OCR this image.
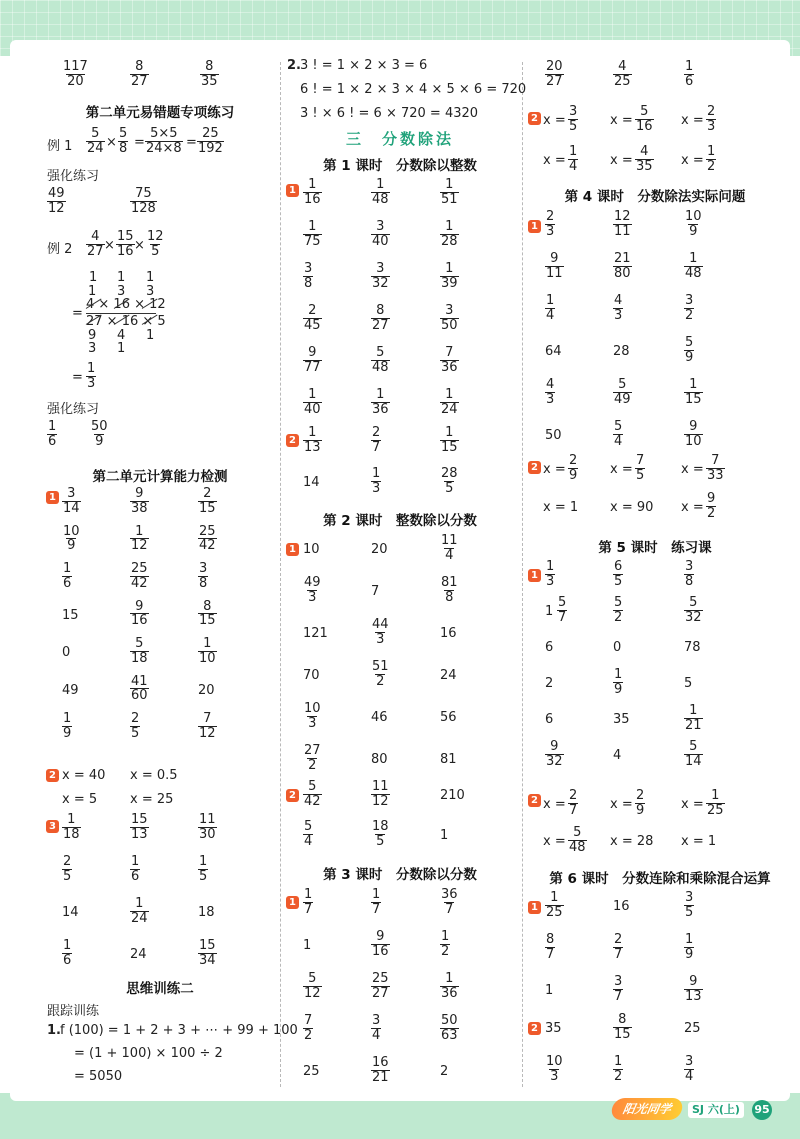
第二单元易错题专项练习
例 1
强化练习
例 2
强化练习
第二单元计算能力检测
思维训练二
跟踪训练
1. f (100) = 1 + 2 + 3 + ⋯ + 99 + 100
= (1 + 100) × 100 ÷ 2
= 5050
2. 3 ! = 1 × 2 × 3 = 6
6 ! = 1 × 2 × 3 × 4 × 5 × 6 = 720
3 ! × 6 ! = 6 × 720 = 4320
三　分数除法
第 1 课时　分数除以整数
第 2 课时　整数除以分数
第 3 课时　分数除以分数
第 4 课时　分数除法实际问题
第 5 课时　练习课
第 6 课时　分数连除和乘除混合运算
阳光同学	SJ 六(上)	95
$\frac{117}{20}$	$\frac{8}{27}$	$\frac{8}{35}$
$\frac{5}{24} \times \frac{5}{8} = \frac{5\times 5}{24\times 8} = \frac{25}{192}$
$\frac{49}{12}$	$\frac{75}{128}$
$\frac{4}{27} \times \frac{15}{16} \times \frac{12}{5}$
1 1
1
1 3 3
=
4 × 16 × 12
27 × 16 × 5
9 4 1
3 1
= $\frac{1}{3}$
$\frac{1}{6}$	$\frac{50}{9}$
$1 \frac{3}{14}$	$\frac{9}{38}$	$\frac{2}{15}$
$\frac{10}{9}$	$\frac{1}{12}$	$\frac{25}{42}$
$\frac{1}{6}$	$\frac{25}{42}$	$\frac{3}{8}$
15	$\frac{9}{16}$	$\frac{8}{15}$
0	$\frac{5}{18}$	$\frac{1}{10}$
49	$\frac{41}{60}$	20
$\frac{1}{9}$	$\frac{2}{5}$	$\frac{7}{12}$
2 x = 40 x = 0.5
x = 5	x = 25
$3 \frac{1}{18}$	$\frac{15}{13}$	$\frac{11}{30}$
$\frac{2}{5}$	$\frac{1}{6}$	$\frac{1}{5}$
14	$\frac{1}{24}$	18
$\frac{1}{6}$	24	$\frac{15}{34}$
$1 \frac{1}{16}$	$\frac{1}{48}$	$\frac{1}{51}$
$\frac{1}{75}$	$\frac{3}{40}$	$\frac{1}{28}$
$\frac{3}{8}$	$\frac{3}{32}$	$\frac{1}{39}$
$\frac{2}{45}$	$\frac{8}{27}$	$\frac{3}{50}$
$\frac{9}{77}$	$\frac{5}{48}$	$\frac{7}{36}$
$\frac{1}{40}$	$\frac{1}{36}$	$\frac{1}{24}$
$2 \frac{1}{13}$	$\frac{2}{7}$	$\frac{1}{15}$
14	$\frac{1}{3}$	$\frac{28}{5}$
1 10	20	$\frac{11}{4}$
$\frac{49}{3}$	7	$\frac{81}{8}$
121	$\frac{44}{3}$	16
70	$\frac{51}{2}$	24
$\frac{10}{3}$	46	56
$\frac{27}{2}$	80	81
$2 \frac{5}{42}$	$\frac{11}{12}$	210
$\frac{5}{4}$	$\frac{18}{5}$	1
$1 \frac{1}{7}$	$\frac{1}{7}$	$\frac{36}{7}$
1	$\frac{9}{16}$	$\frac{1}{2}$
$\frac{5}{12}$	$\frac{25}{27}$	$\frac{1}{36}$
$\frac{7}{2}$	$\frac{3}{4}$	$\frac{50}{63}$
25	$\frac{16}{21}$	2
$\frac{20}{27}$	$\frac{4}{25}$	$\frac{1}{6}$
2 $x = \frac{3}{5}$ $x = \frac{5}{16}$ $x = \frac{2}{3}$
$x = \frac{1}{4}$ $x = \frac{4}{35}$ $x = \frac{1}{2}$
$1 \frac{2}{3}$	$\frac{12}{11}$	$\frac{10}{9}$
$\frac{9}{11}$	$\frac{21}{80}$	$\frac{1}{48}$
$\frac{1}{4}$	$\frac{4}{3}$	$\frac{3}{2}$
64	28	$\frac{5}{9}$
$\frac{4}{3}$	$\frac{5}{49}$	$\frac{1}{15}$
50	$\frac{5}{4}$	$\frac{9}{10}$
2 $x = \frac{2}{9}$ $x = \frac{7}{5}$	$x = \frac{7}{33}$
x = 1 x = 90 $x = \frac{9}{2}$
$1 \frac{1}{3}$	$\frac{6}{5}$	$\frac{3}{8}$
$1 \frac{5}{7}$	$\frac{5}{2}$	$\frac{5}{32}$
6	0	78
2	$\frac{1}{9}$	5
6	35	$\frac{1}{21}$
$\frac{9}{32}$	4	$\frac{5}{14}$
2 $x = \frac{2}{7}$ $x = \frac{2}{9}$	$x = \frac{1}{25}$
$x = \frac{5}{48}$ x = 28 x = 1
$1 \frac{1}{25}$	16	$\frac{3}{5}$
$\frac{8}{7}$	$\frac{2}{7}$	$\frac{1}{9}$
1	$\frac{3}{7}$	$\frac{9}{13}$
2 35	$\frac{8}{15}$	25
$\frac{10}{3}$	$\frac{1}{2}$	$\frac{3}{4}$
